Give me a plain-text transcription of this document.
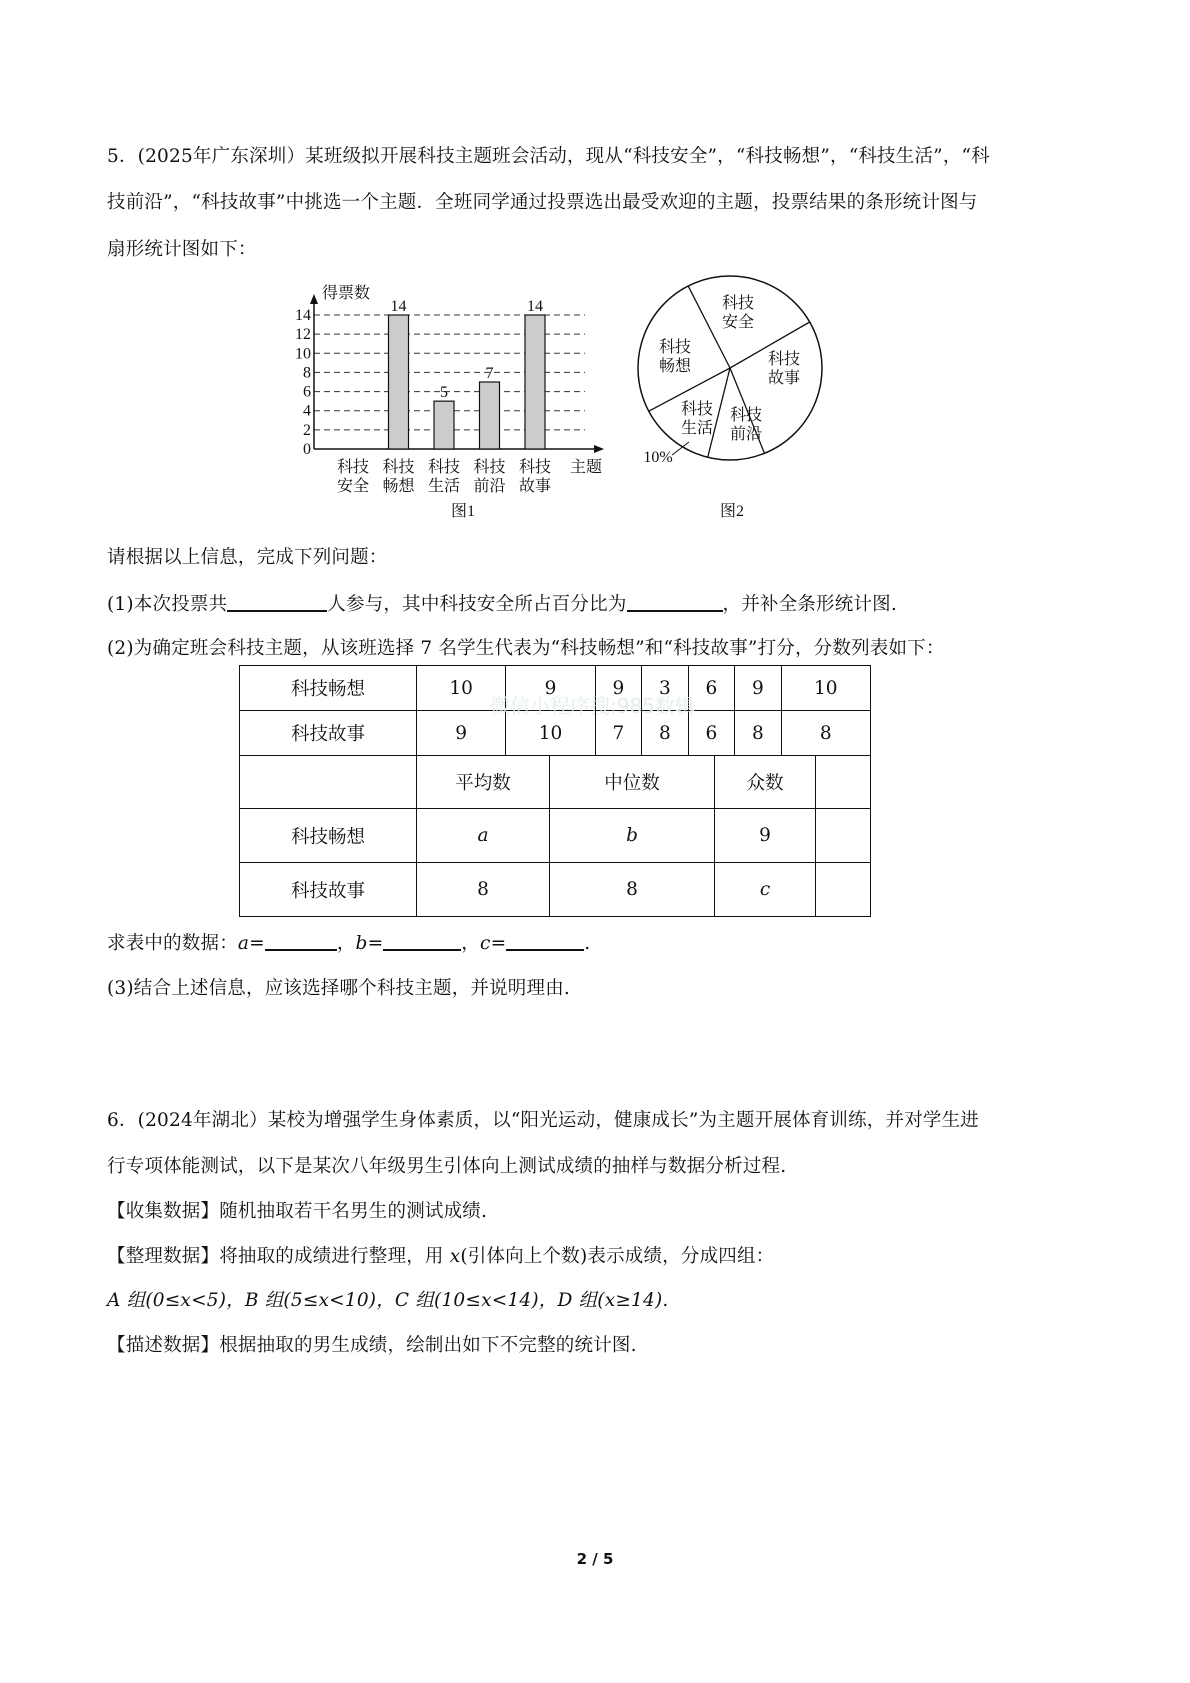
5．(2025年广东深圳）某班级拟开展科技主题班会活动，现从“科技安全”，“科技畅想”，“科技生活”，“科
技前沿”，“科技故事”中挑选一个主题．全班同学通过投票选出最受欢迎的主题，投票结果的条形统计图与
扇形统计图如下：
0
2
4
6
8
10
12
14
得票数
主题
科技
安全
14
科技
畅想
5
科技
生活
7
科技
前沿
14
科技
故事
图1
科技
安全
科技
故事
科技
前沿
科技
生活
10%
科技
畅想
图2
请根据以上信息，完成下列问题：
(1)本次投票共	人参与，其中科技安全所占百分比为	，并补全条形统计图.
(2)为确定班会科技主题，从该班选择 7 名学生代表为“科技畅想”和“科技故事”打分，分数列表如下：
科技畅想	10	9	9	3	6	9	10
科技故事	9	10	7	8	6	8	8
	平均数	中位数	众数	
科技畅想	a	b	9	
科技故事	8	8	c	
微信小程序搜:985数辑
求表中的数据：a=	，b=	，c=	.
(3)结合上述信息，应该选择哪个科技主题，并说明理由.
6．(2024年湖北）某校为增强学生身体素质，以“阳光运动，健康成长”为主题开展体育训练，并对学生进
行专项体能测试，以下是某次八年级男生引体向上测试成绩的抽样与数据分析过程.
【收集数据】随机抽取若干名男生的测试成绩.
【整理数据】将抽取的成绩进行整理，用 x(引体向上个数)表示成绩，分成四组：
A 组(0≤x<5)，B 组(5≤x<10)，C 组(10≤x<14)，D 组(x≥14).
【描述数据】根据抽取的男生成绩，绘制出如下不完整的统计图.
2 / 5
